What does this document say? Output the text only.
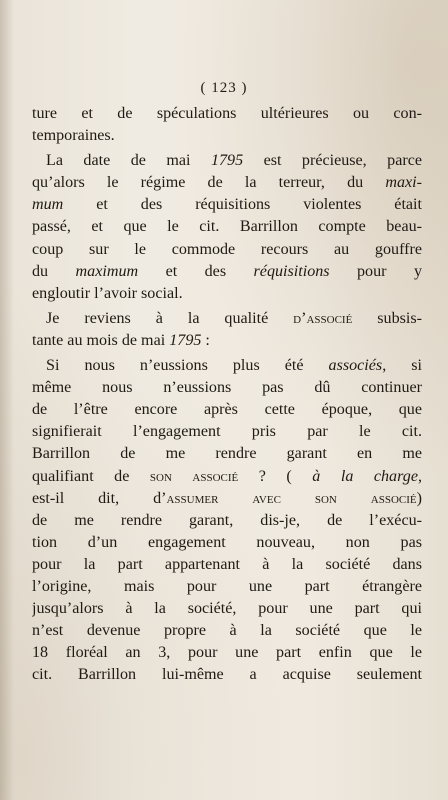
( 123 )
ture et de spéculations ultérieures ou con-
temporaines.
La date de mai 1795 est précieuse, parce
qu’alors le régime de la terreur, du maxi-
mum et des réquisitions violentes était
passé, et que le cit. Barrillon compte beau-
coup sur le commode recours au gouffre
du maximum et des réquisitions pour y
engloutir l’avoir social.
Je reviens à la qualité d’associé subsis-
tante au mois de mai 1795 :
Si nous n’eussions plus été associés, si
même nous n’eussions pas dû continuer
de l’être encore après cette époque, que
signifierait l’engagement pris par le cit.
Barrillon de me rendre garant en me
qualifiant de son associé ? ( à la charge,
est-il dit, d’assumer avec son associé)
de me rendre garant, dis-je, de l’exécu-
tion d’un engagement nouveau, non pas
pour la part appartenant à la société dans
l’origine, mais pour une part étrangère
jusqu’alors à la société, pour une part qui
n’est devenue propre à la société que le
18 floréal an 3, pour une part enfin que le
cit. Barrillon lui-même a acquise seulement
